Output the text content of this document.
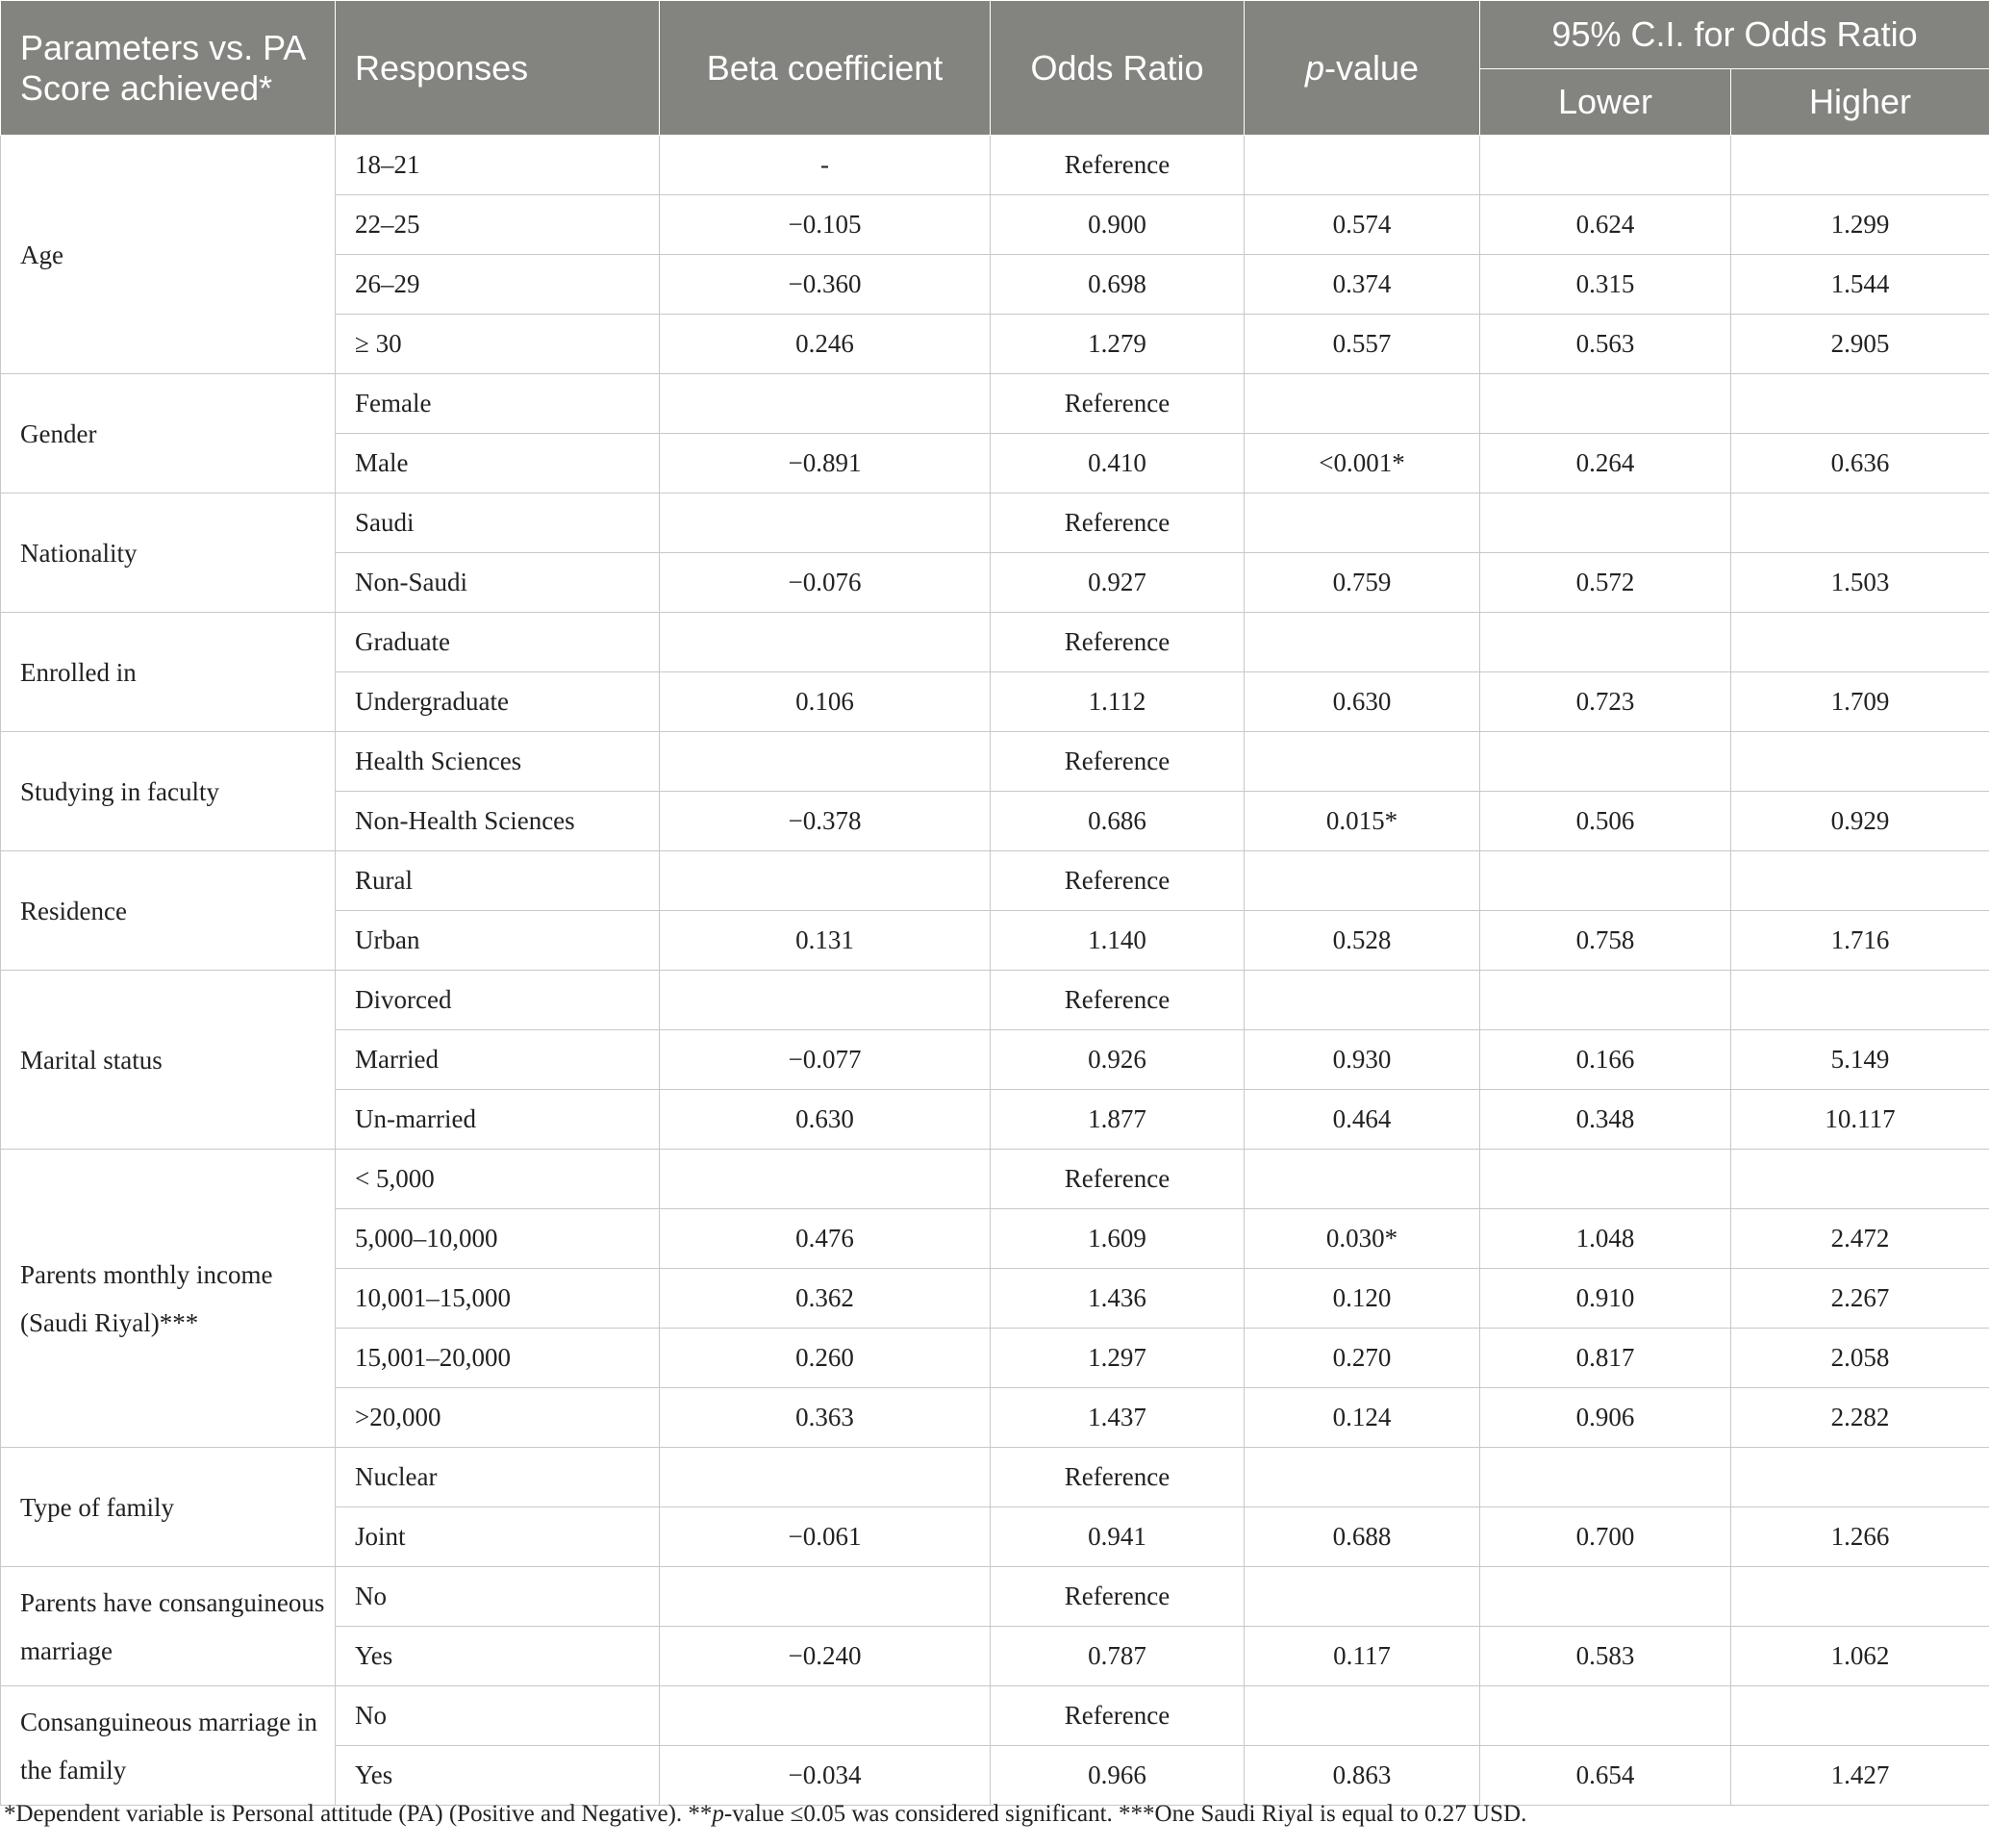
Parameters vs. PA Score achieved*	Responses	Beta coefficient	Odds Ratio	p-value	95% C.I. for Odds Ratio	
					Lower	Higher
Age	18–21	-	Reference			
	22–25	−0.105	0.900	0.574	0.624	1.299
	26–29	−0.360	0.698	0.374	0.315	1.544
	≥ 30	0.246	1.279	0.557	0.563	2.905
Gender	Female		Reference			
	Male	−0.891	0.410	<0.001*	0.264	0.636
Nationality	Saudi		Reference			
	Non-Saudi	−0.076	0.927	0.759	0.572	1.503
Enrolled in	Graduate		Reference			
	Undergraduate	0.106	1.112	0.630	0.723	1.709
Studying in faculty	Health Sciences		Reference			
	Non-Health Sciences	−0.378	0.686	0.015*	0.506	0.929
Residence	Rural		Reference			
	Urban	0.131	1.140	0.528	0.758	1.716
Marital status	Divorced		Reference			
	Married	−0.077	0.926	0.930	0.166	5.149
	Un-married	0.630	1.877	0.464	0.348	10.117
Parents monthly income (Saudi Riyal)***	< 5,000		Reference			
	5,000–10,000	0.476	1.609	0.030*	1.048	2.472
	10,001–15,000	0.362	1.436	0.120	0.910	2.267
	15,001–20,000	0.260	1.297	0.270	0.817	2.058
	>20,000	0.363	1.437	0.124	0.906	2.282
Type of family	Nuclear		Reference			
	Joint	−0.061	0.941	0.688	0.700	1.266
Parents have consanguineous marriage	No		Reference			
	Yes	−0.240	0.787	0.117	0.583	1.062
Consanguineous marriage in the family	No		Reference			
	Yes	−0.034	0.966	0.863	0.654	1.427
*Dependent variable is Personal attitude (PA) (Positive and Negative). **p-value ≤0.05 was considered significant. ***One Saudi Riyal is equal to 0.27 USD.
